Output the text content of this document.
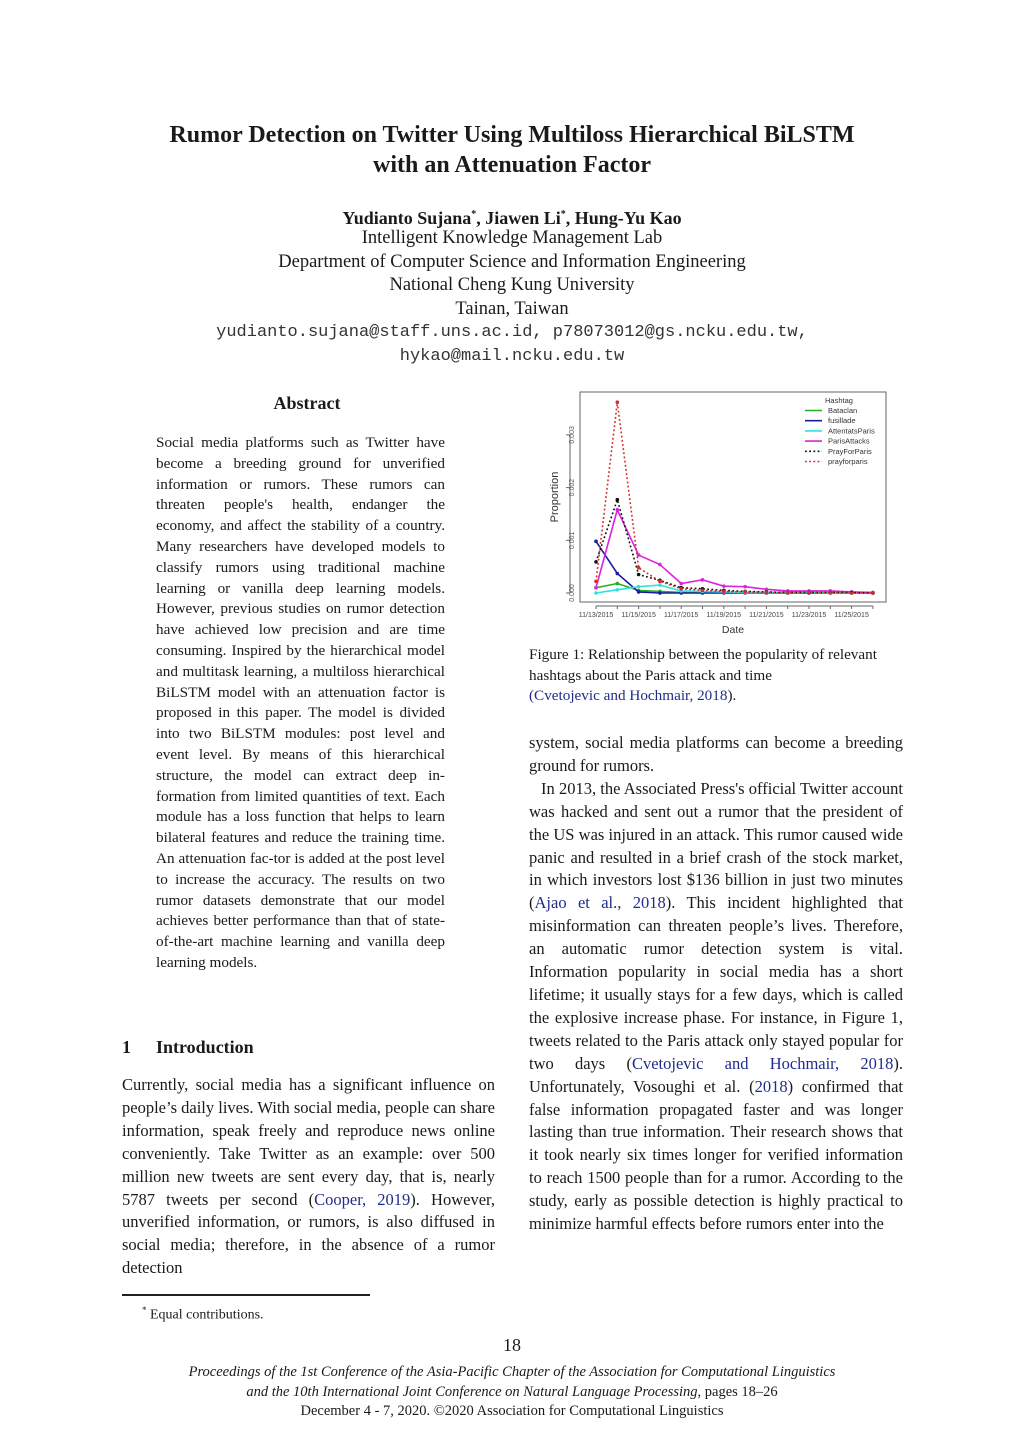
Rumor Detection on Twitter Using Multiloss Hierarchical BiLSTM
with an Attenuation Factor
Yudianto Sujana*, Jiawen Li*, Hung-Yu Kao
Intelligent Knowledge Management Lab
Department of Computer Science and Information Engineering
National Cheng Kung University
Tainan, Taiwan
yudianto.sujana@staff.uns.ac.id, p78073012@gs.ncku.edu.tw,
hykao@mail.ncku.edu.tw
Abstract
Social media platforms such as Twitter have become a breeding ground for unverified information or rumors. These rumors can threaten people's health, endanger the economy, and affect the stability of a country. Many researchers have developed models to classify rumors using traditional machine learning or vanilla deep learning models. However, previous studies on rumor detection have achieved low precision and are time consuming. Inspired by the hierarchical model and multitask learning, a multiloss hierarchical BiLSTM model with an attenuation factor is proposed in this paper. The model is divided into two BiLSTM modules: post level and event level. By means of this hierarchical structure, the model can extract deep in-formation from limited quantities of text. Each module has a loss function that helps to learn bilateral features and reduce the training time. An attenuation fac-tor is added at the post level to increase the accuracy. The results on two rumor datasets demonstrate that our model achieves better performance than that of state-of-the-art machine learning and vanilla deep learning models.
1 Introduction
Currently, social media has a significant influence on people’s daily lives. With social media, people can share information, speak freely and reproduce news online conveniently. Take Twitter as an example: over 500 million new tweets are sent every day, that is, nearly 5787 tweets per second (Cooper, 2019). However, unverified information, or rumors, is also diffused in social media; therefore, in the absence of a rumor detection
0.000
0.001
0.002
0.003
11/13/2015 11/15/2015 11/17/2015 11/19/2015 11/21/2015 11/23/2015 11/25/2015
Hashtag
Bataclan
fusillade
AttentatsParis
ParisAttacks
PrayForParis
prayforparis
Proportion
Date
Figure 1: Relationship between the popularity of relevant hashtags about the Paris attack and time
(Cvetojevic and Hochmair, 2018).
system, social media platforms can become a breeding ground for rumors.
In 2013, the Associated Press's official Twitter account was hacked and sent out a rumor that the president of the US was injured in an attack. This rumor caused wide panic and resulted in a brief crash of the stock market, in which investors lost $136 billion in just two minutes (Ajao et al., 2018). This incident highlighted that misinformation can threaten people’s lives. Therefore, an automatic rumor detection system is vital. Information popularity in social media has a short lifetime; it usually stays for a few days, which is called the explosive increase phase. For instance, in Figure 1, tweets related to the Paris attack only stayed popular for two days (Cvetojevic and Hochmair, 2018). Unfortunately, Vosoughi et al. (2018) confirmed that false information propagated faster and was longer lasting than true information. Their research shows that it took nearly six times longer for verified information to reach 1500 people than for a rumor. According to the study, early as possible detection is highly practical to minimize harmful effects before rumors enter into the
* Equal contributions.
18
Proceedings of the 1st Conference of the Asia-Pacific Chapter of the Association for Computational Linguistics
and the 10th International Joint Conference on Natural Language Processing, pages 18–26
December 4 - 7, 2020. ©2020 Association for Computational Linguistics
